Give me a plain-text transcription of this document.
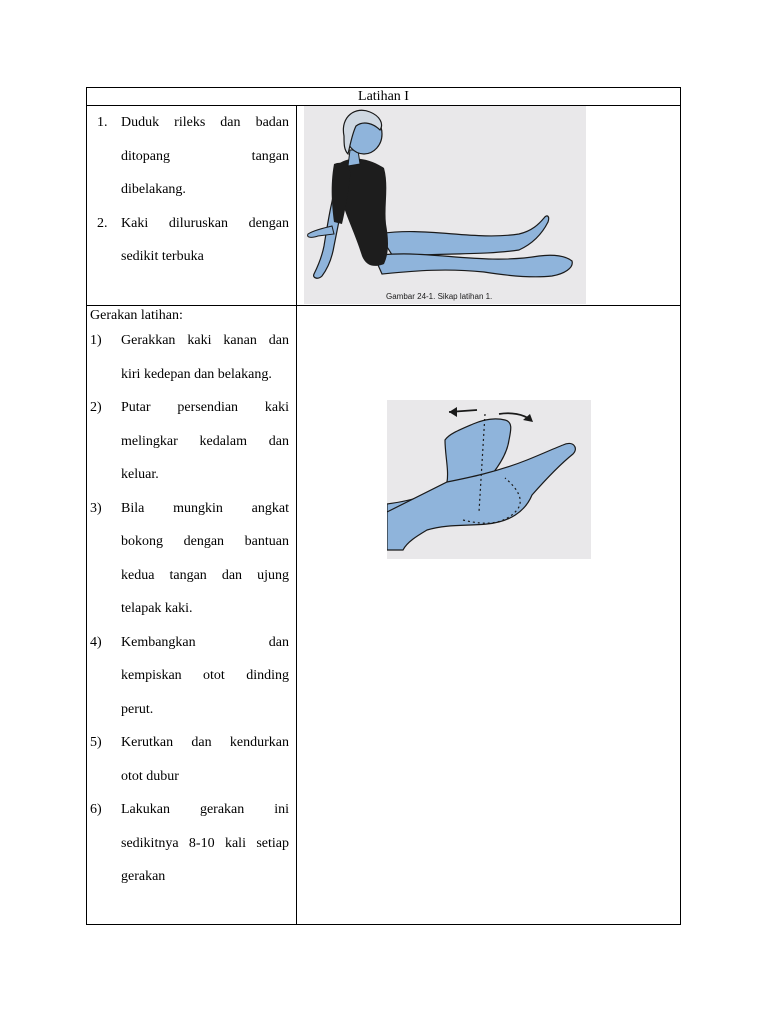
Latihan I
1. Duduk rileks dan badan
ditopang tangan
dibelakang.
2. Kaki diluruskan dengan
sedikit terbuka
Gambar 24-1. Sikap latihan 1.
Gerakan latihan:
1) Gerakkan kaki kanan dan
kiri kedepan dan belakang.
2) Putar persendian kaki
melingkar kedalam dan
keluar.
3) Bila mungkin angkat
bokong dengan bantuan
kedua tangan dan ujung
telapak kaki.
4) Kembangkan dan
kempiskan otot dinding
perut.
5) Kerutkan dan kendurkan
otot dubur
6) Lakukan gerakan ini
sedikitnya 8-10 kali setiap
gerakan
